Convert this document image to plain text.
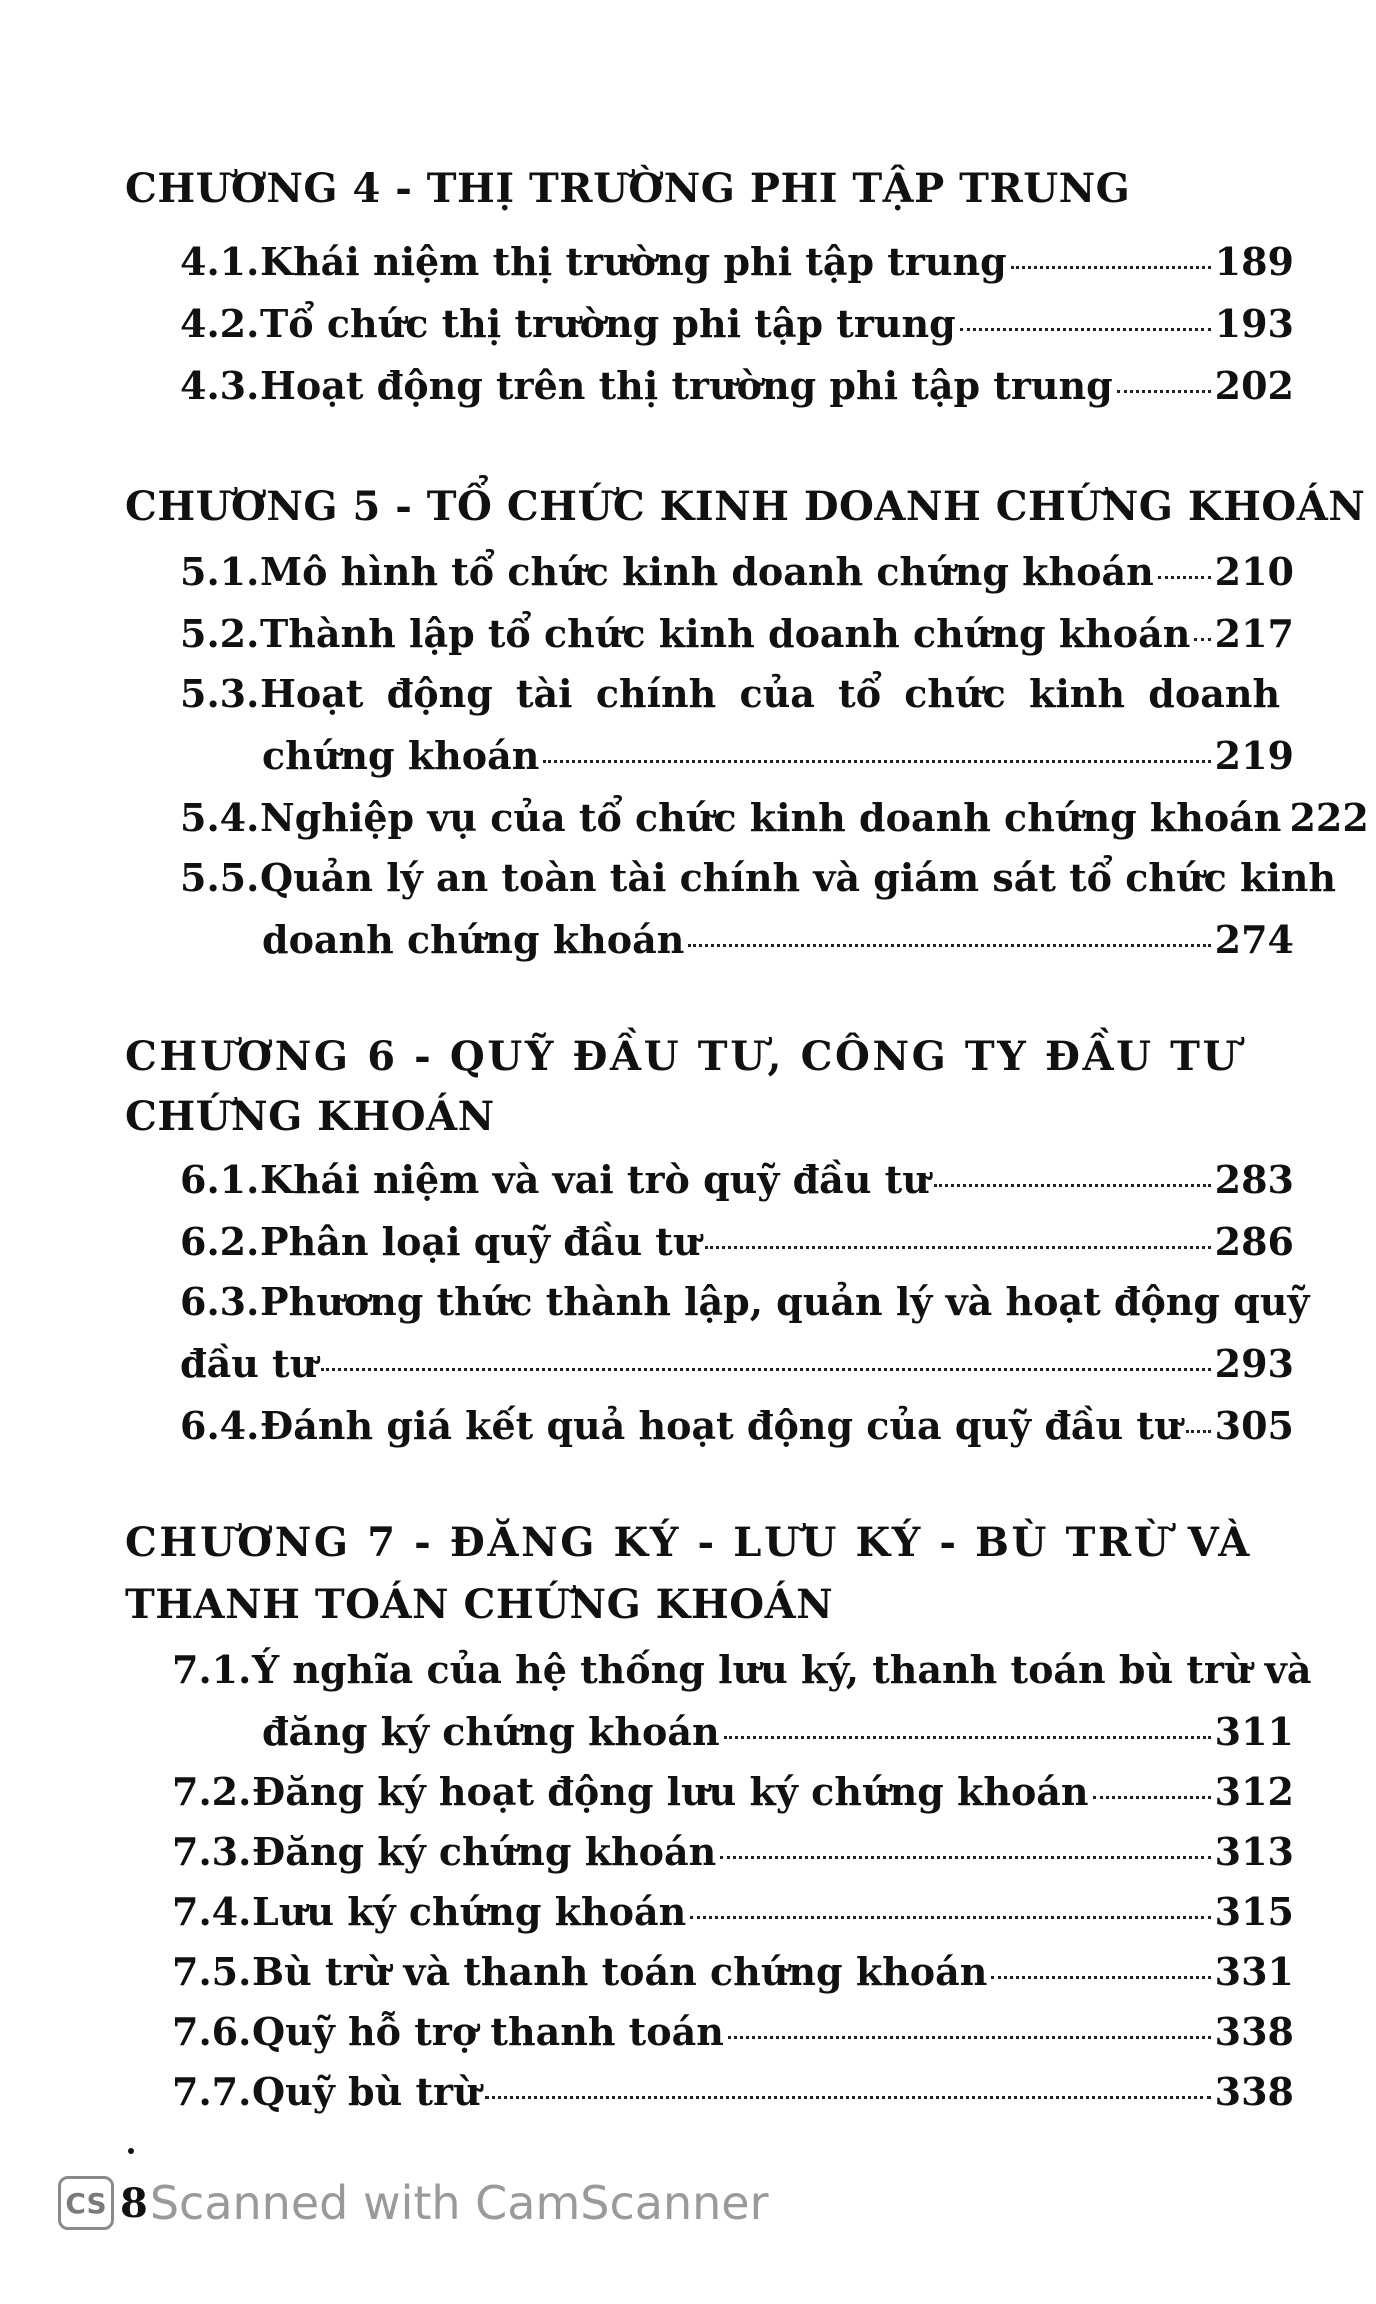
CHƯƠNG 4 - THỊ TRƯỜNG PHI TẬP TRUNG
4.1. Khái niệm thị trường phi tập trung	189
4.2. Tổ chức thị trường phi tập trung	193
4.3. Hoạt động trên thị trường phi tập trung	202
CHƯƠNG 5 - TỔ CHỨC KINH DOANH CHỨNG KHOÁN
5.1. Mô hình tổ chức kinh doanh chứng khoán 210
5.2. Thành lập tổ chức kinh doanh chứng khoán 217
5.3. Hoạt động tài chính của tổ chức kinh doanh
chứng khoán	219
5.4. Nghiệp vụ của tổ chức kinh doanh chứng khoán 222
5.5. Quản lý an toàn tài chính và giám sát tổ chức kinh
doanh chứng khoán	274
CHƯƠNG 6 - QUỸ ĐẦU TƯ, CÔNG TY ĐẦU TƯ
CHỨNG KHOÁN
6.1. Khái niệm và vai trò quỹ đầu tư	283
6.2. Phân loại quỹ đầu tư	286
6.3. Phương thức thành lập, quản lý và hoạt động quỹ
đầu tư	293
6.4. Đánh giá kết quả hoạt động của quỹ đầu tư 305
CHƯƠNG 7 - ĐĂNG KÝ - LƯU KÝ - BÙ TRỪ VÀ
THANH TOÁN CHỨNG KHOÁN
7.1. Ý nghĩa của hệ thống lưu ký, thanh toán bù trừ và
đăng ký chứng khoán	311
7.2. Đăng ký hoạt động lưu ký chứng khoán	312
7.3. Đăng ký chứng khoán	313
7.4. Lưu ký chứng khoán	315
7.5. Bù trừ và thanh toán chứng khoán	331
7.6. Quỹ hỗ trợ thanh toán	338
7.7. Quỹ bù trừ	338
CS 8 Scanned with CamScanner
